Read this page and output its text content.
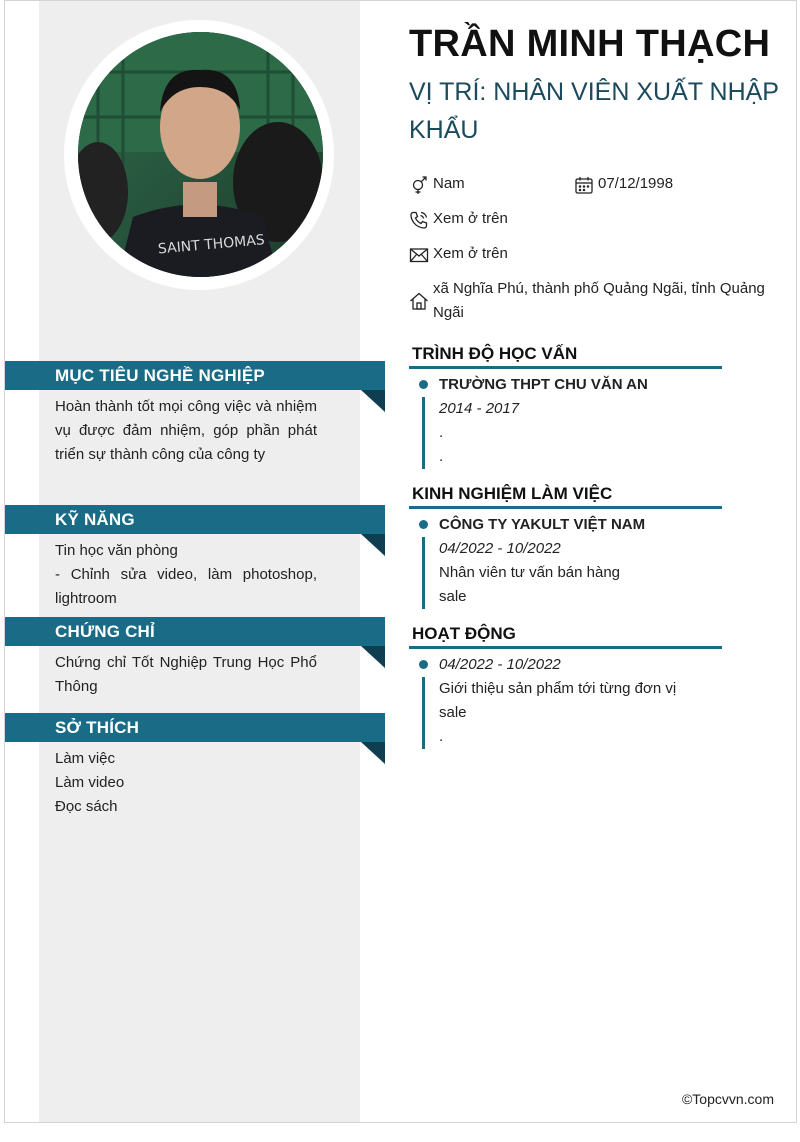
SAINT THOMAS
MỤC TIÊU NGHỀ NGHIỆP
Hoàn thành tốt mọi công việc và nhiệm vụ được đảm nhiệm, góp phần phát triển sự thành công của công ty
KỸ NĂNG
Tin học văn phòng
- Chỉnh sửa video, làm photoshop, lightroom
CHỨNG CHỈ
Chứng chỉ Tốt Nghiệp Trung Học Phổ Thông
SỞ THÍCH
Làm việc
Làm video
Đọc sách
TRẦN MINH THẠCH
VỊ TRÍ: NHÂN VIÊN XUẤT NHẬP KHẨU
Nam	07/12/1998
Xem ở trên
Xem ở trên
xã Nghĩa Phú, thành phố Quảng Ngãi, tỉnh Quảng Ngãi
TRÌNH ĐỘ HỌC VẤN
TRƯỜNG THPT CHU VĂN AN
2014 - 2017
.
.
KINH NGHIỆM LÀM VIỆC
CÔNG TY YAKULT VIỆT NAM
04/2022 - 10/2022
Nhân viên tư vấn bán hàng
sale
HOẠT ĐỘNG
04/2022 - 10/2022
Giới thiệu sản phẩm tới từng đơn vị
sale
.
©Topcvvn.com
